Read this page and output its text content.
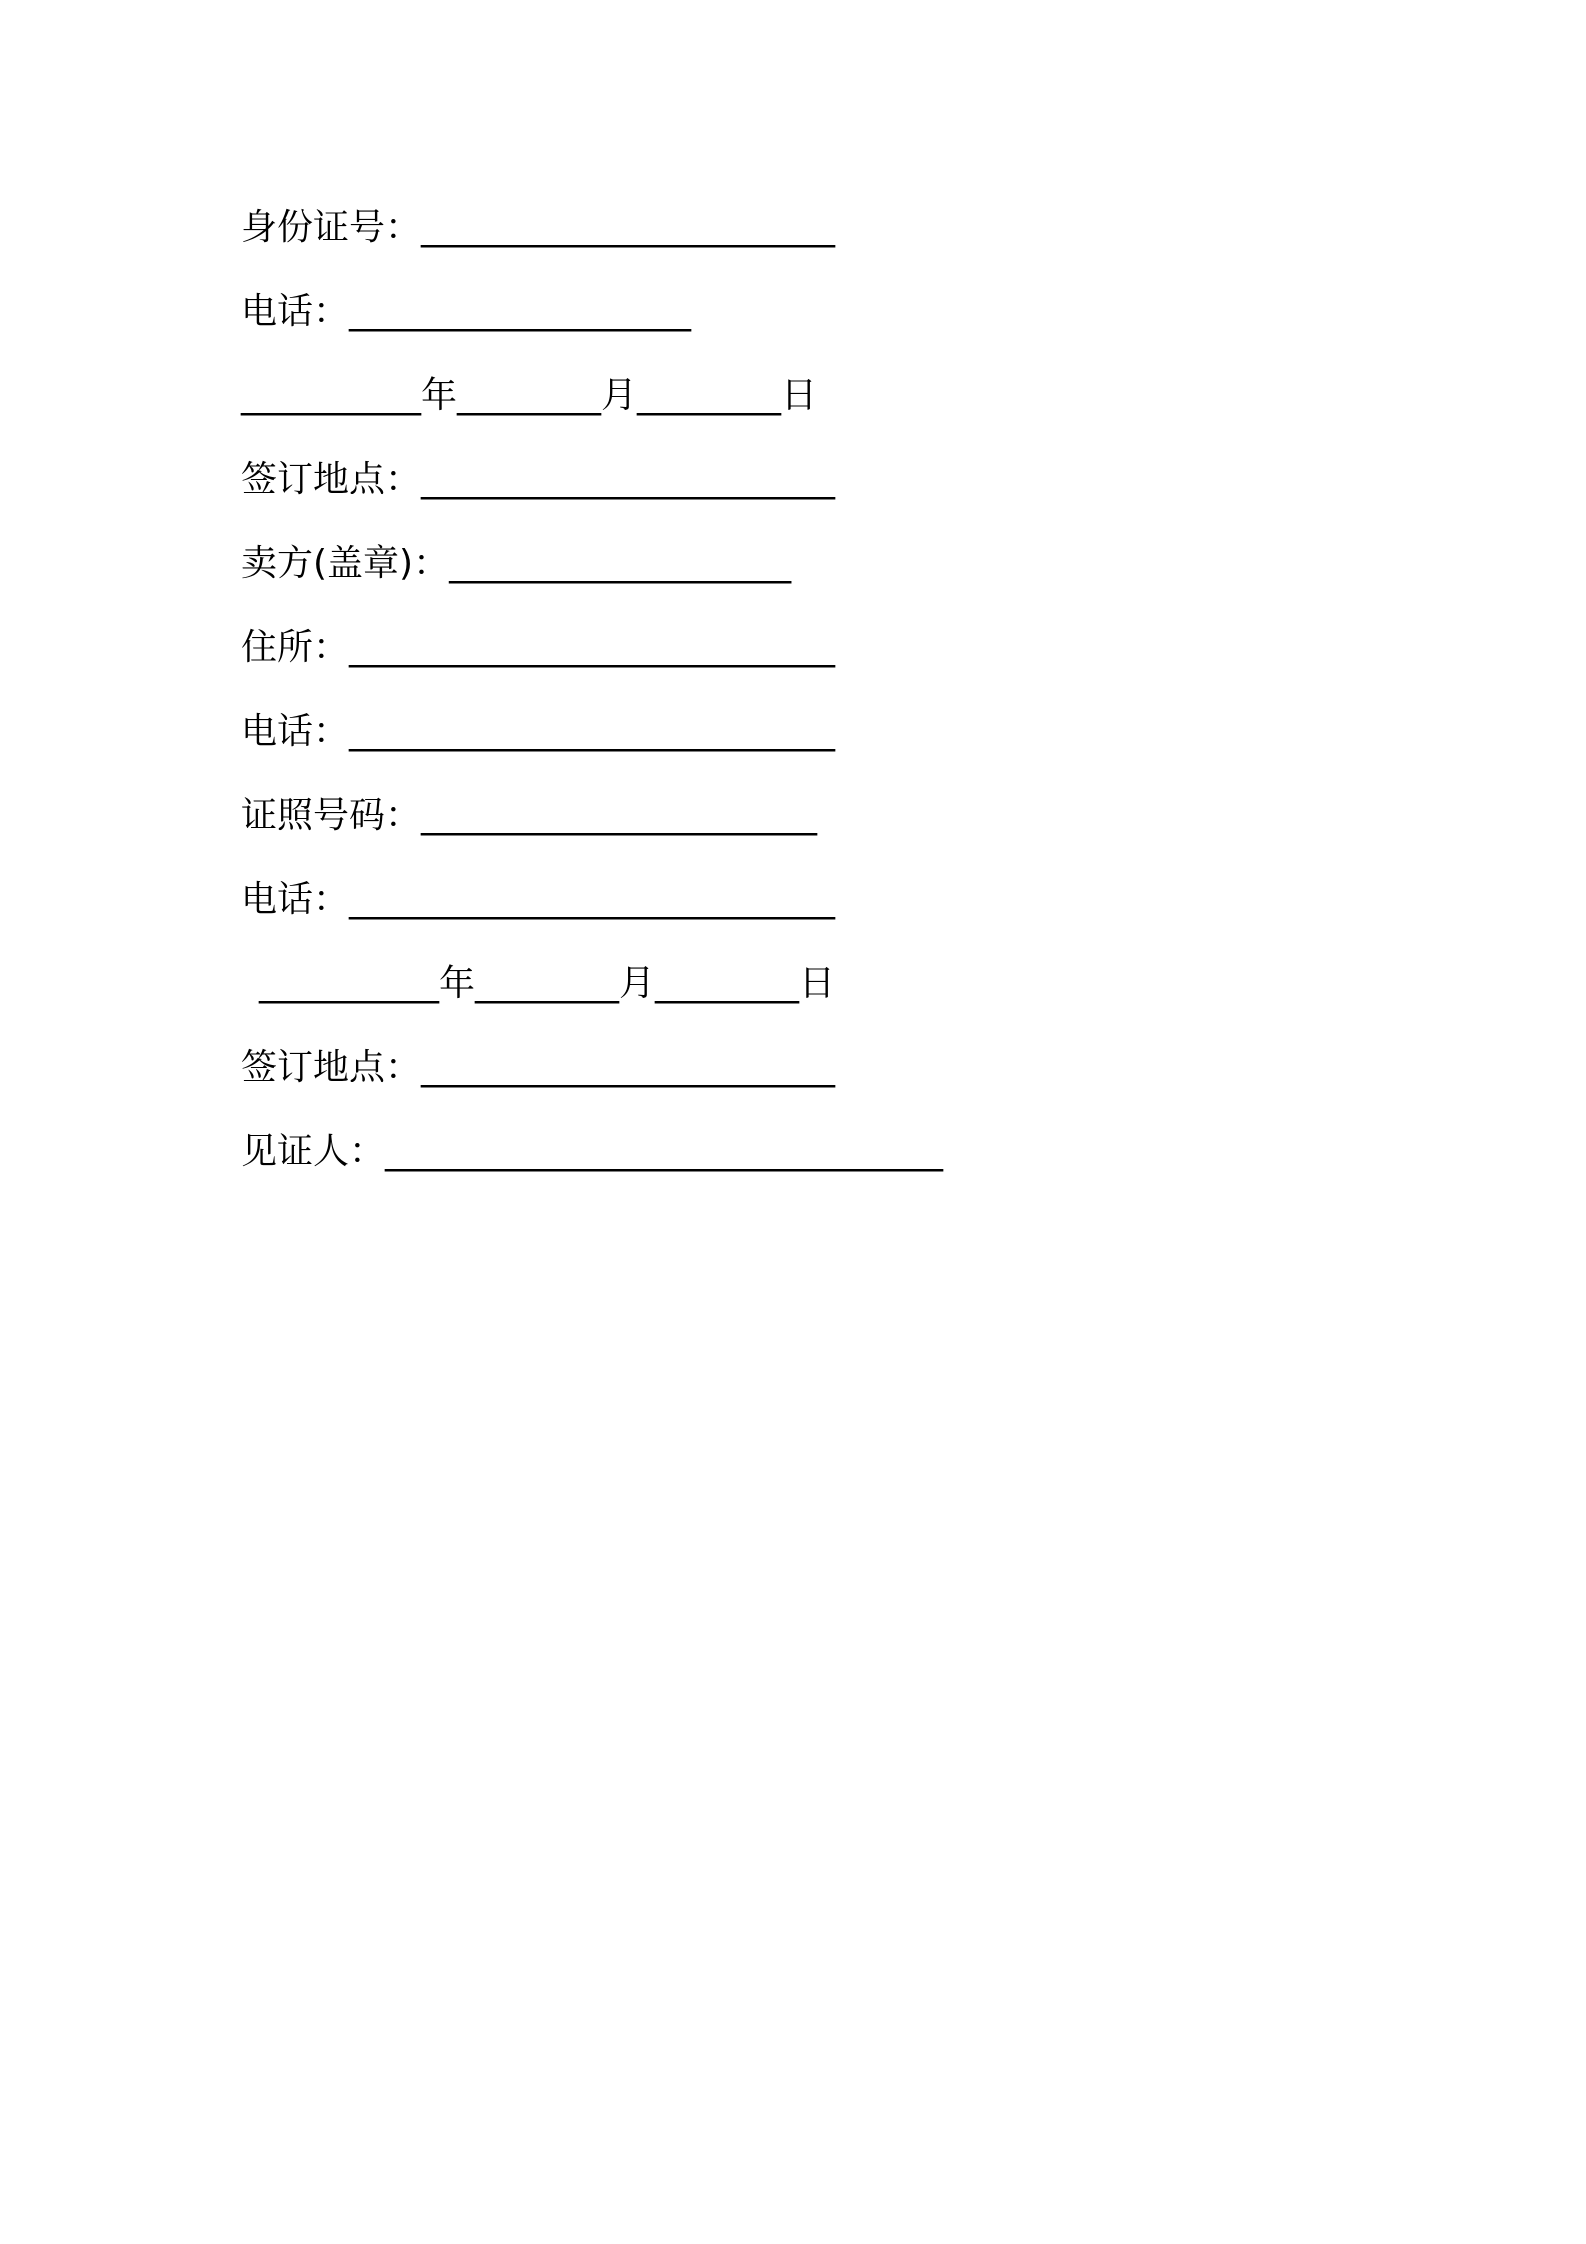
身份证号：_______________________
电话：___________________
__________年________月________日
签订地点：_______________________
卖方(盖章)：___________________
住所：___________________________
电话：___________________________
证照号码：______________________
电话：___________________________
__________年________月________日
签订地点：_______________________
见证人：_______________________________
